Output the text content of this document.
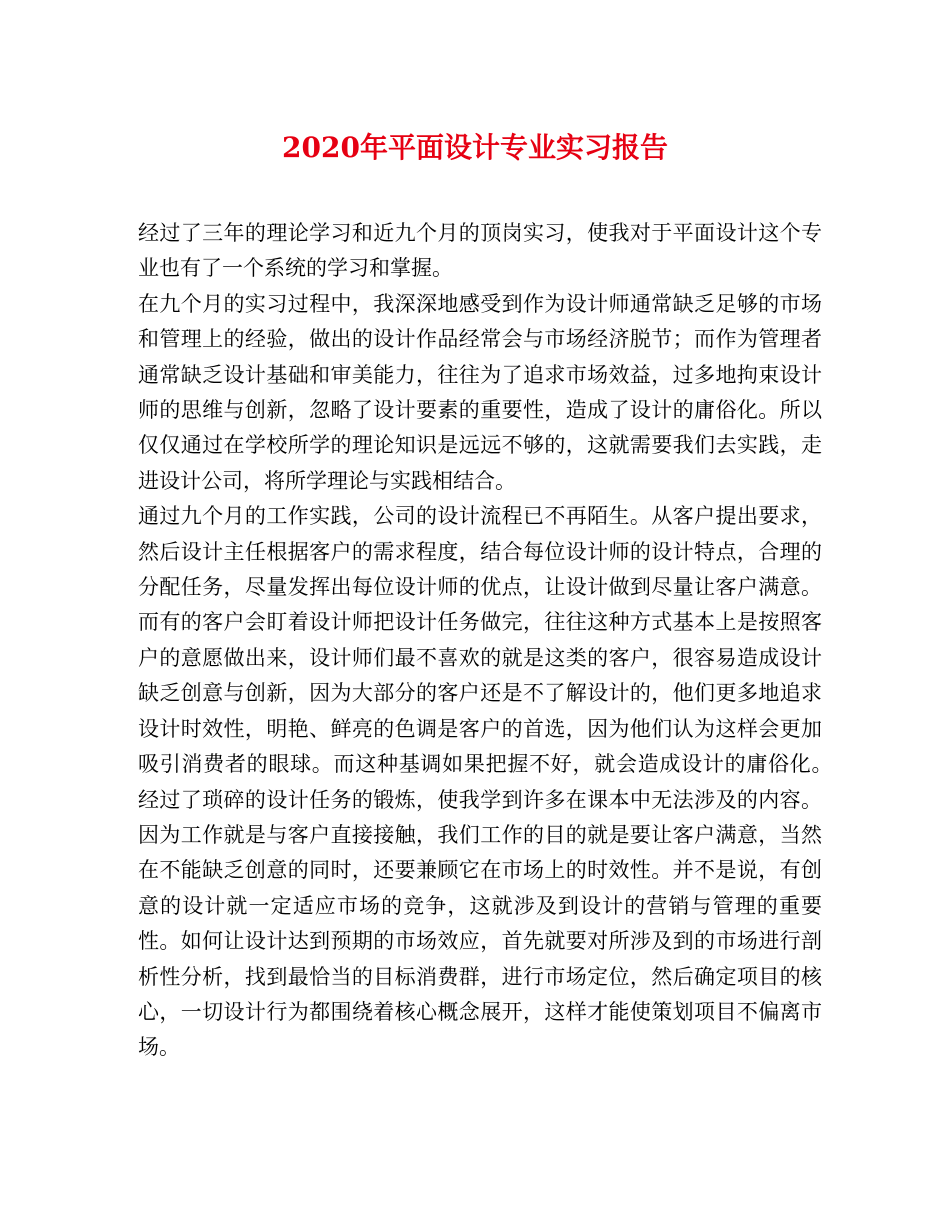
2020年平面设计专业实习报告

经过了三年的理论学习和近九个月的顶岗实习，使我对于平面设计这个专业也有了一个系统的学习和掌握。

在九个月的实习过程中，我深深地感受到作为设计师通常缺乏足够的市场和管理上的经验，做出的设计作品经常会与市场经济脱节；而作为管理者通常缺乏设计基础和审美能力，往往为了追求市场效益，过多地拘束设计师的思维与创新，忽略了设计要素的重要性，造成了设计的庸俗化。所以仅仅通过在学校所学的理论知识是远远不够的，这就需要我们去实践，走进设计公司，将所学理论与实践相结合。

通过九个月的工作实践，公司的设计流程已不再陌生。从客户提出要求，然后设计主任根据客户的需求程度，结合每位设计师的设计特点，合理的分配任务，尽量发挥出每位设计师的优点，让设计做到尽量让客户满意。而有的客户会盯着设计师把设计任务做完，往往这种方式基本上是按照客户的意愿做出来，设计师们最不喜欢的就是这类的客户，很容易造成设计缺乏创意与创新，因为大部分的客户还是不了解设计的，他们更多地追求设计时效性，明艳、鲜亮的色调是客户的首选，因为他们认为这样会更加吸引消费者的眼球。而这种基调如果把握不好，就会造成设计的庸俗化。　　经过了琐碎的设计任务的锻炼，使我学到许多在课本中无法涉及的内容。因为工作就是与客户直接接触，我们工作的目的就是要让客户满意，当然在不能缺乏创意的同时，还要兼顾它在市场上的时效性。并不是说，有创意的设计就一定适应市场的竞争，这就涉及到设计的营销与管理的重要性。如何让设计达到预期的市场效应，首先就要对所涉及到的市场进行剖析性分析，找到最恰当的目标消费群，进行市场定位，然后确定项目的核心，一切设计行为都围绕着核心概念展开，这样才能使策划项目不偏离市场。
